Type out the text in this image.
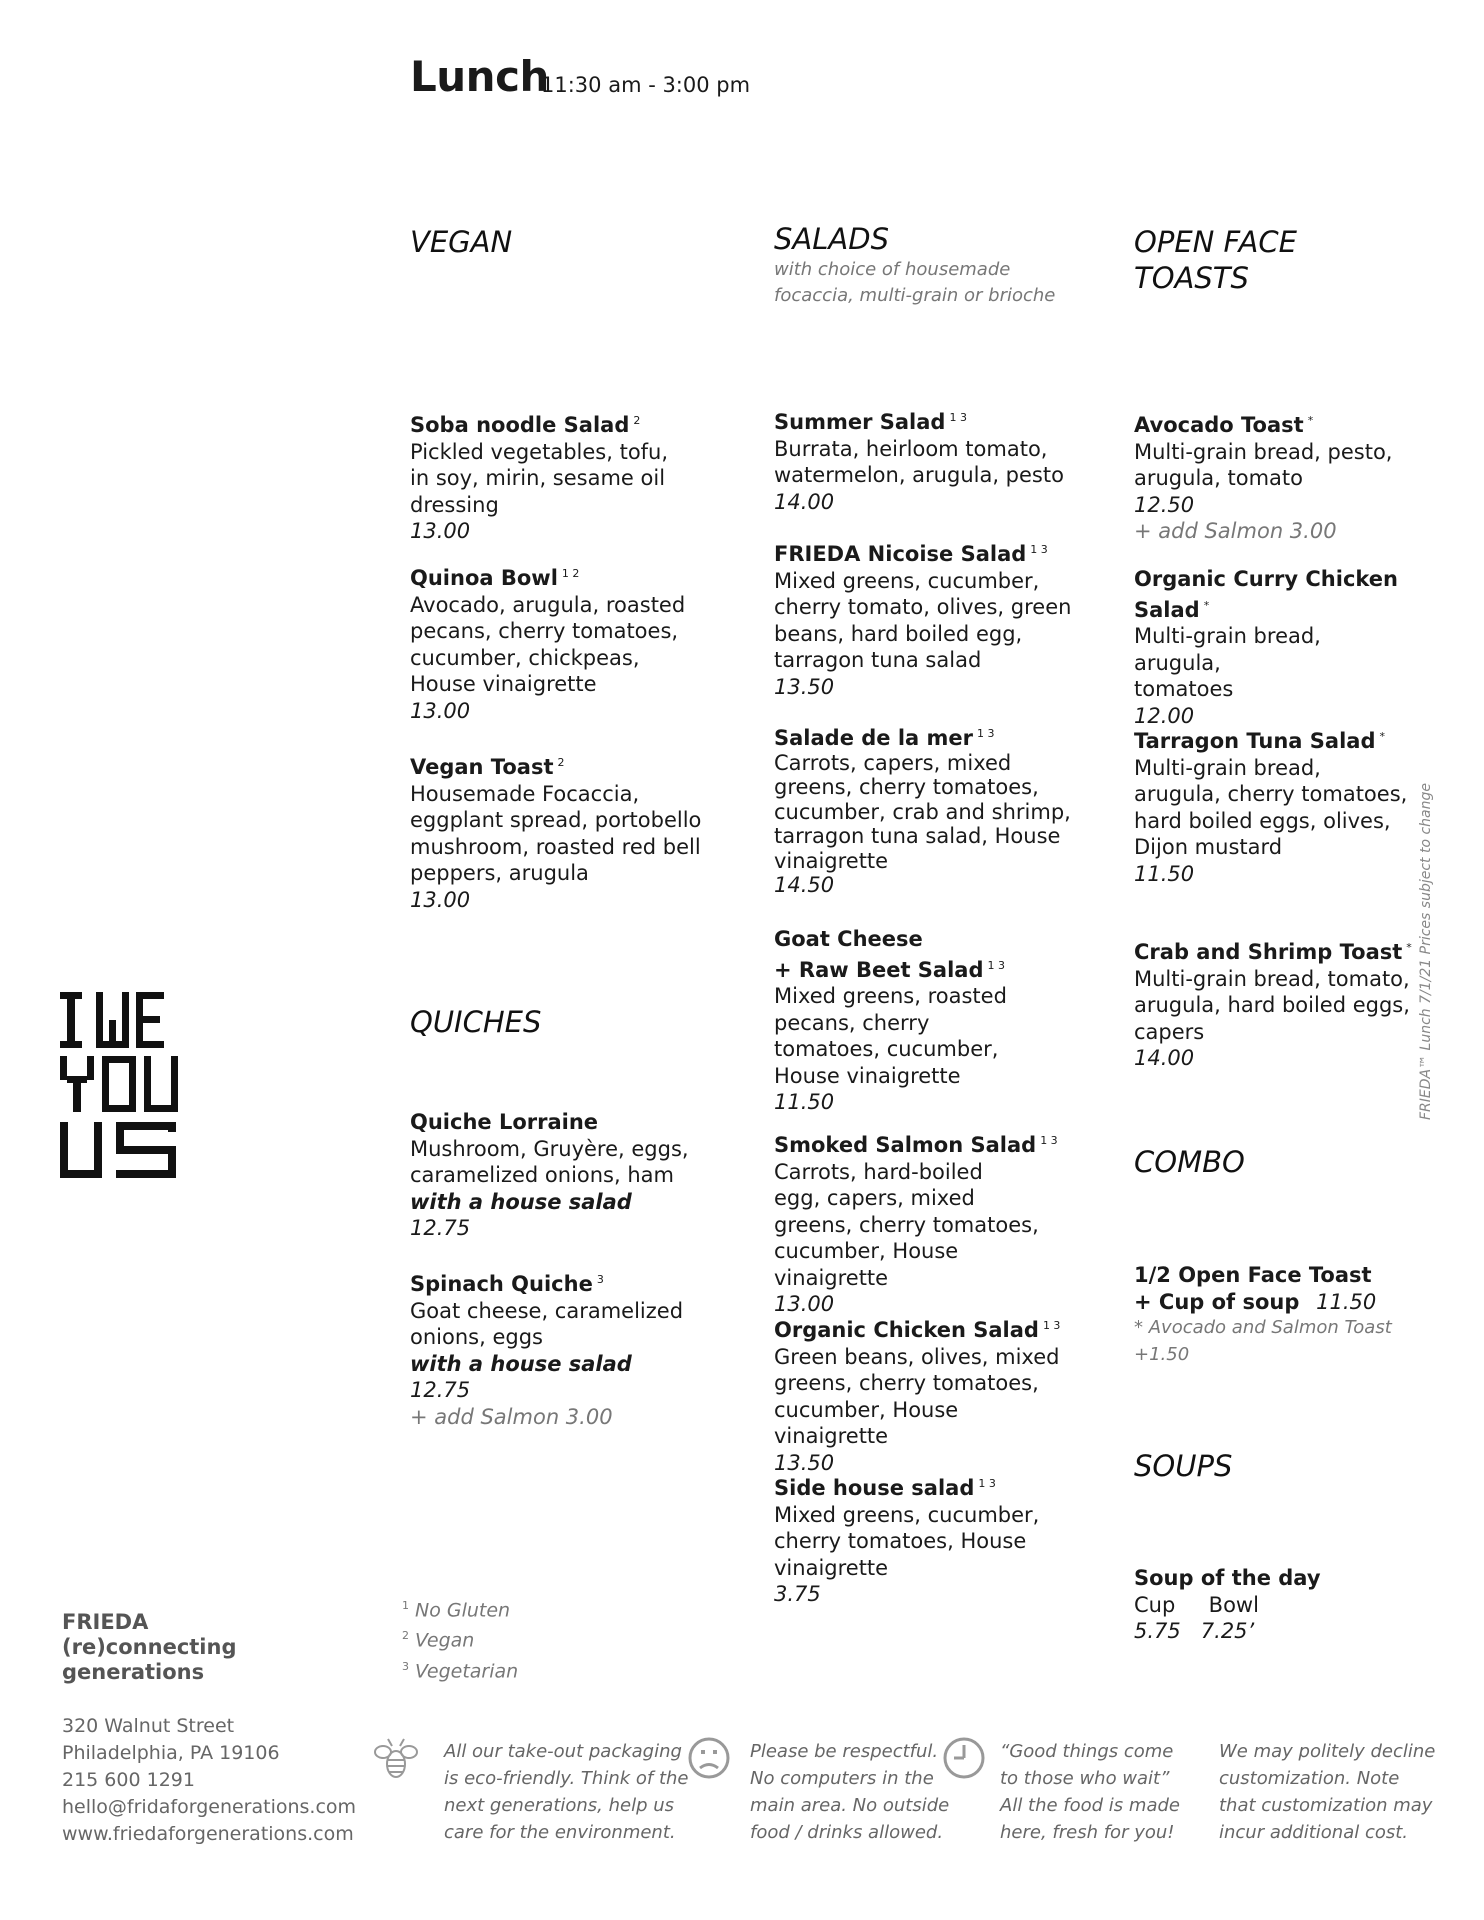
Lunch
11:30 am - 3:00 pm
VEGAN	SALADS
with choice of housemade
focaccia, multi-grain or brioche
OPEN FACE
TOASTS
Soba noodle Salad $^2$
Pickled vegetables, tofu,
in soy, mirin, sesame oil
dressing
13.00
Quinoa Bowl $^{1 2}$
Avocado, arugula, roasted
pecans, cherry tomatoes,
cucumber, chickpeas,
House vinaigrette
13.00
Vegan Toast $^2$
Housemade Focaccia,
eggplant spread, portobello
mushroom, roasted red bell
peppers, arugula
13.00
QUICHES
Quiche Lorraine
Mushroom, Gruyère, eggs,
caramelized onions, ham
with a house salad
12.75
Spinach Quiche $^3$
Goat cheese, caramelized
onions, eggs
with a house salad
12.75
+ add Salmon 3.00
Summer Salad $^{1 3}$
Burrata, heirloom tomato,
watermelon, arugula, pesto
14.00
FRIEDA Nicoise Salad $^{1 3}$
Mixed greens, cucumber,
cherry tomato, olives, green
beans, hard boiled egg,
tarragon tuna salad
13.50
Salade de la mer $^{1 3}$
Carrots, capers, mixed
greens, cherry tomatoes,
cucumber, crab and shrimp,
tarragon tuna salad, House
vinaigrette
14.50
Goat Cheese
+ Raw Beet Salad $^{1 3}$
Mixed greens, roasted
pecans, cherry
tomatoes, cucumber,
House vinaigrette
11.50
Smoked Salmon Salad $^{1 3}$
Carrots, hard-boiled
egg, capers, mixed
greens, cherry tomatoes,
cucumber, House vinaigrette
13.00
Organic Chicken Salad $^{1 3}$
Green beans, olives, mixed
greens, cherry tomatoes,
cucumber, House vinaigrette
13.50
Side house salad $^{1 3}$
Mixed greens, cucumber,
cherry tomatoes, House
vinaigrette
3.75
Avocado Toast *
Multi-grain bread, pesto,
arugula, tomato
12.50
+ add Salmon 3.00
Organic Curry Chicken
Salad *
Multi-grain bread, arugula,
tomatoes
12.00
Tarragon Tuna Salad *
Multi-grain bread,
arugula, cherry tomatoes,
hard boiled eggs, olives,
Dijon mustard
11.50
Crab and Shrimp Toast *
Multi-grain bread, tomato,
arugula, hard boiled eggs,
capers
14.00
COMBO
1/2 Open Face Toast
+ Cup of soup 11.50
* Avocado and Salmon Toast
+1.50
SOUPS
Soup of the day
Cup     Bowl
5.75   7.25’
$^1$ No Gluten
$^2$ Vegan
$^3$ Vegetarian
FRIEDA™ Lunch 7/1/21 Prices subject to change
FRIEDA
(re)connecting
generations
320 Walnut Street
Philadelphia, PA 19106
215 600 1291
hello@fridaforgenerations.com
www.friedaforgenerations.com
All our take-out packaging
is eco-friendly. Think of the
next generations, help us
care for the environment.
Please be respectful.
No computers in the
main area. No outside
food / drinks allowed.
“Good things come
to those who wait”
All the food is made
here, fresh for you!
We may politely decline
customization. Note
that customization may
incur additional cost.
